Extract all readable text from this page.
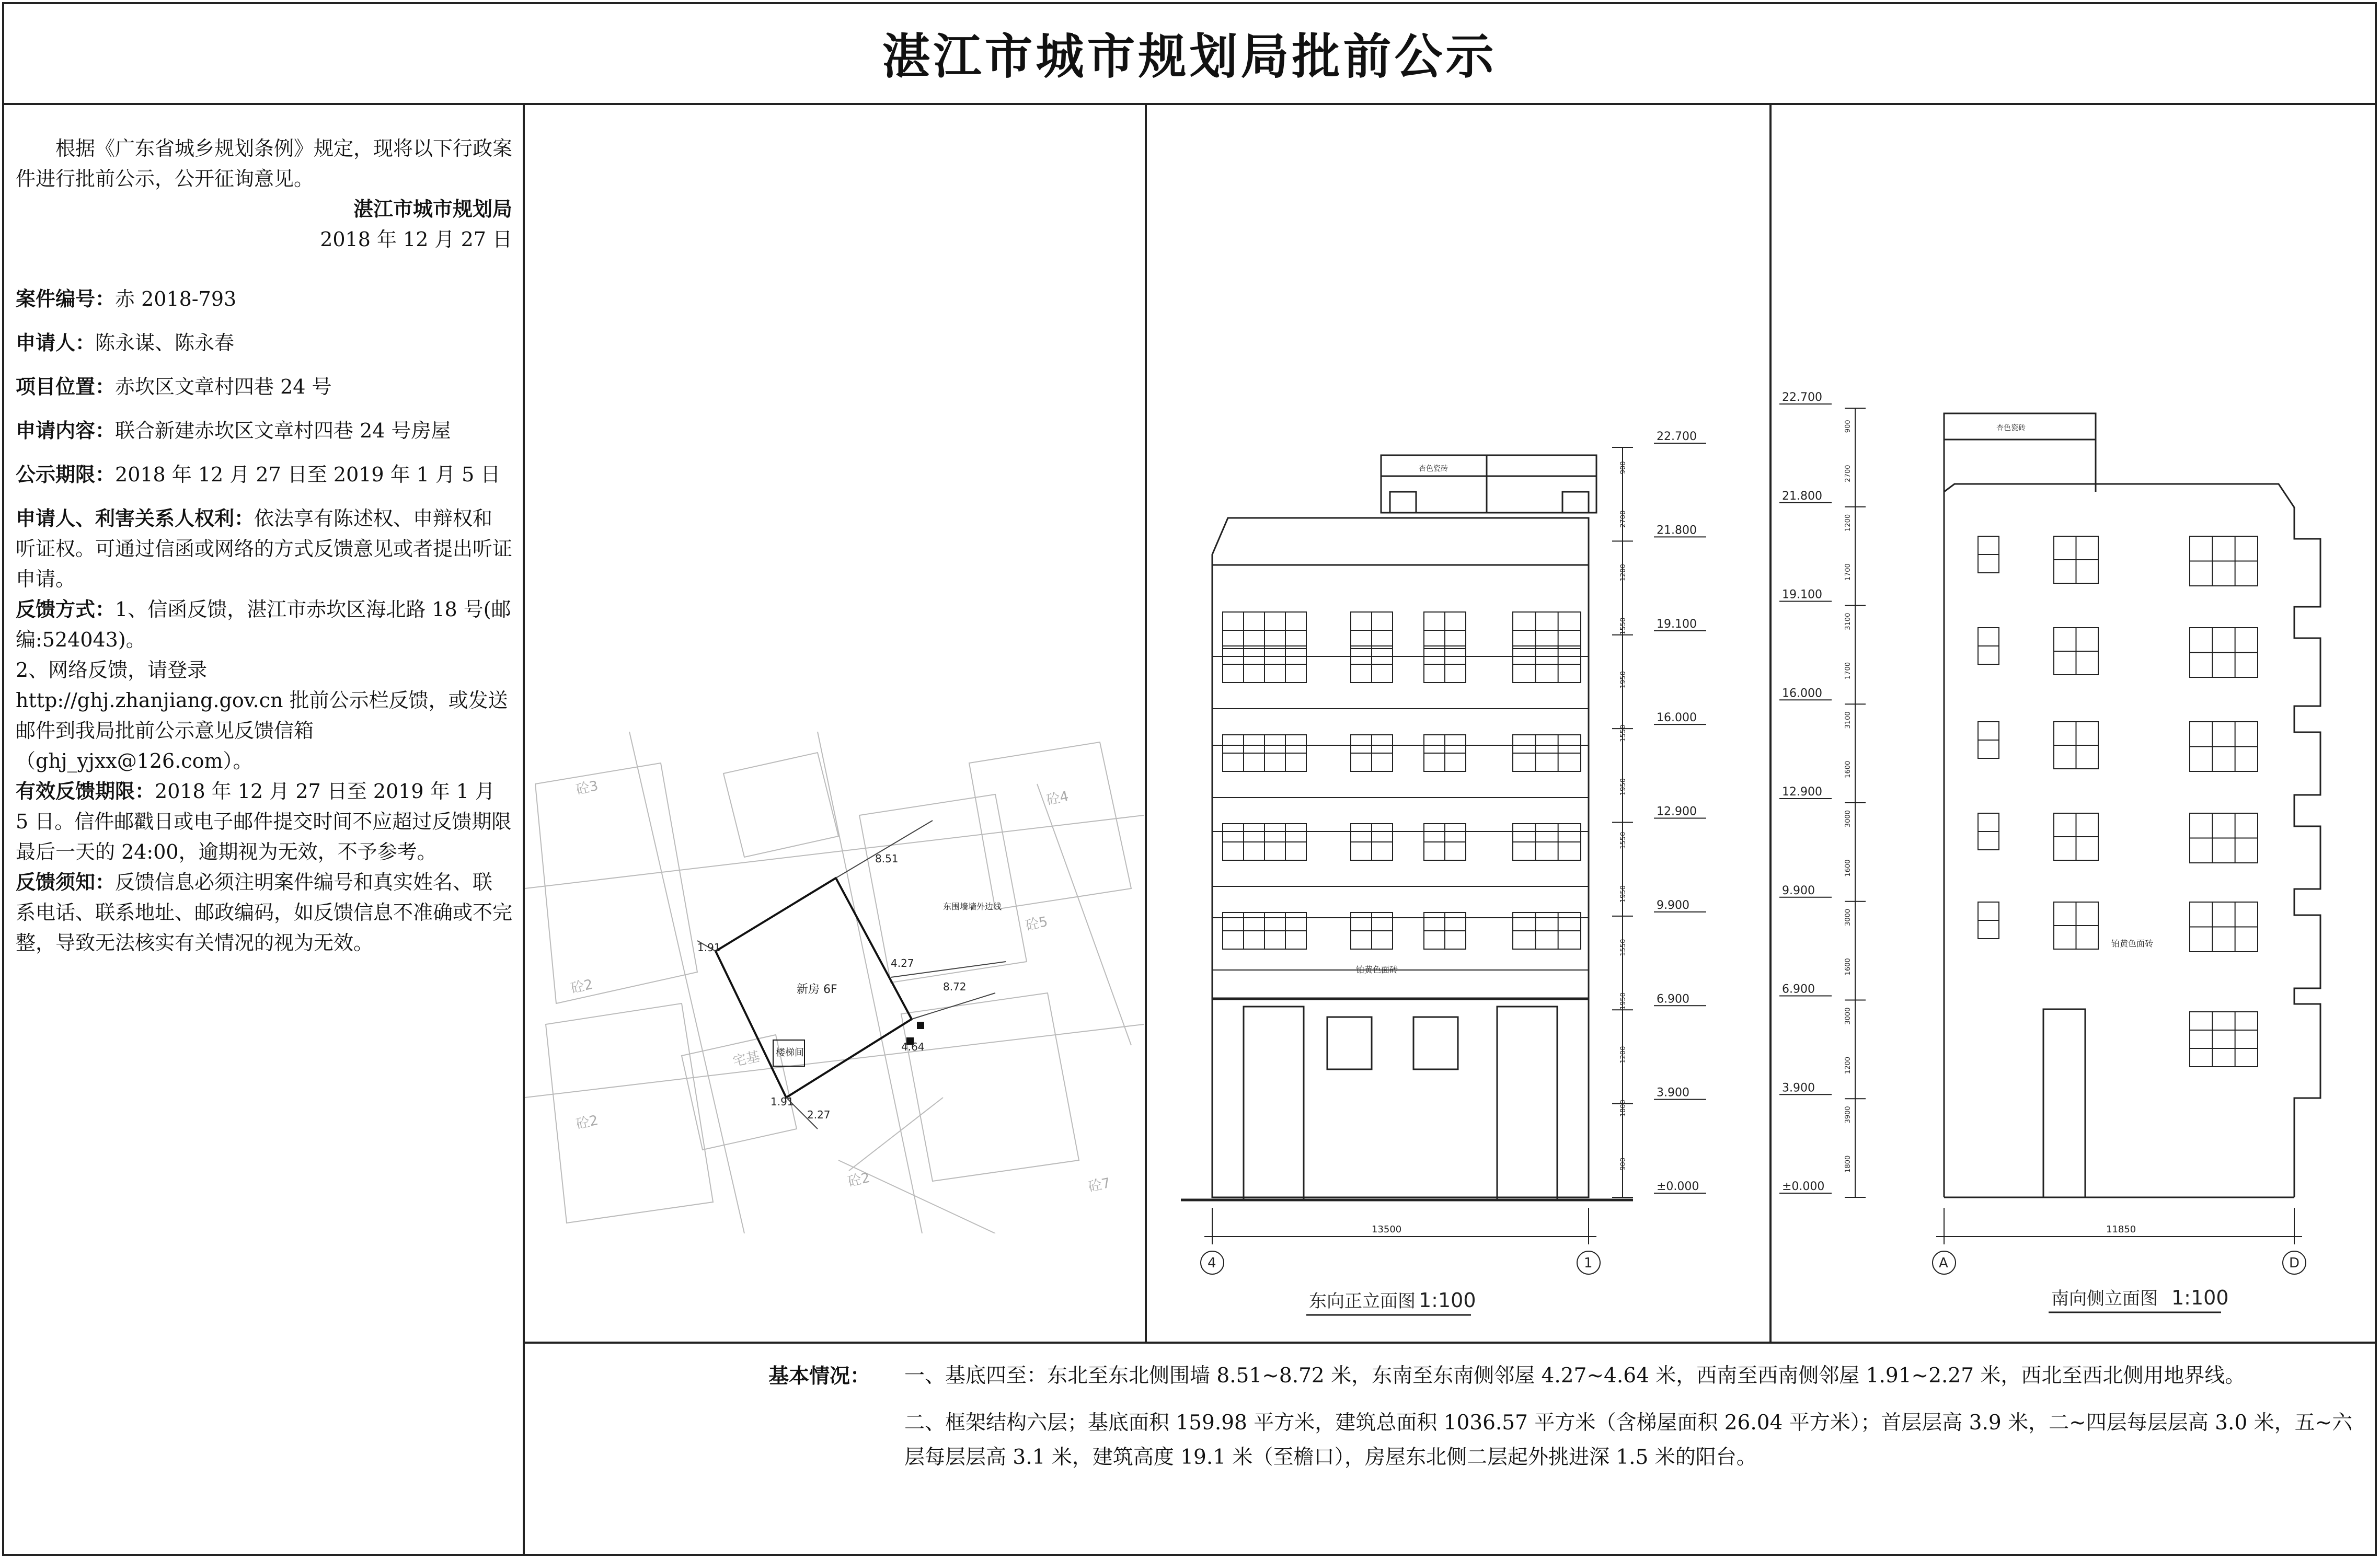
湛江市城市规划局批前公示

根据《广东省城乡规划条例》规定，现将以下行政案件进行批前公示，公开征询意见。

湛江市城市规划局

2018 年 12 月 27 日

案件编号：赤 2018-793

申请人：陈永谋、陈永春

项目位置：赤坎区文章村四巷 24 号

申请内容：联合新建赤坎区文章村四巷 24 号房屋

公示期限：2018 年 12 月 27 日至 2019 年 1 月 5 日

申请人、利害关系人权利：依法享有陈述权、申辩权和听证权。可通过信函或网络的方式反馈意见或者提出听证申请。

反馈方式：1、信函反馈，湛江市赤坎区海北路 18 号(邮编:524043)。

2、网络反馈，请登录

http://ghj.zhanjiang.gov.cn 批前公示栏反馈，或发送邮件到我局批前公示意见反馈信箱（ghj_yjxx@126.com）。

有效反馈期限：2018 年 12 月 27 日至 2019 年 1 月 5 日。信件邮戳日或电子邮件提交时间不应超过反馈期限最后一天的 24:00，逾期视为无效，不予参考。

反馈须知：反馈信息必须注明案件编号和真实姓名、联系电话、联系地址、邮政编码，如反馈信息不准确或不完整，导致无法核实有关情况的视为无效。

砼4
砼5
砼2
砼2
砼2
砼3
砼7
宅基
8.51
8.72
4.27
4.64
1.91
2.27
1.91
新房 6F
楼梯间
东围墙墙外边线
杏色瓷砖
铂黄色面砖
13500
4	1
东向正立面图 1:100
22.700
21.800
19.100
16.000
12.900
9.900
6.900
3.900
±0.000
900
2700
1200
1550
1950
1550
1950
1550
1950
1550
1950
1200
1800
900
杏色瓷砖
铂黄色面砖
11850
A	D
南向侧立面图 1:100
22.700
21.800
19.100
16.000
12.900
9.900
6.900
3.900
±0.000
900
2700
1200
1700
3100
1700
3100
1600
3000
1600
3000
1600
3000
1200
3900
1800
基本情况：	一、基底四至：东北至东北侧围墙 8.51~8.72 米，东南至东南侧邻屋 4.27~4.64 米，西南至西南侧邻屋 1.91~2.27 米，西北至西北侧用地界线。
二、框架结构六层；基底面积 159.98 平方米，建筑总面积 1036.57 平方米（含梯屋面积 26.04 平方米）；首层层高 3.9 米，二~四层每层层高 3.0 米，五~六层每层层高 3.1 米，建筑高度 19.1 米（至檐口），房屋东北侧二层起外挑进深 1.5 米的阳台。
